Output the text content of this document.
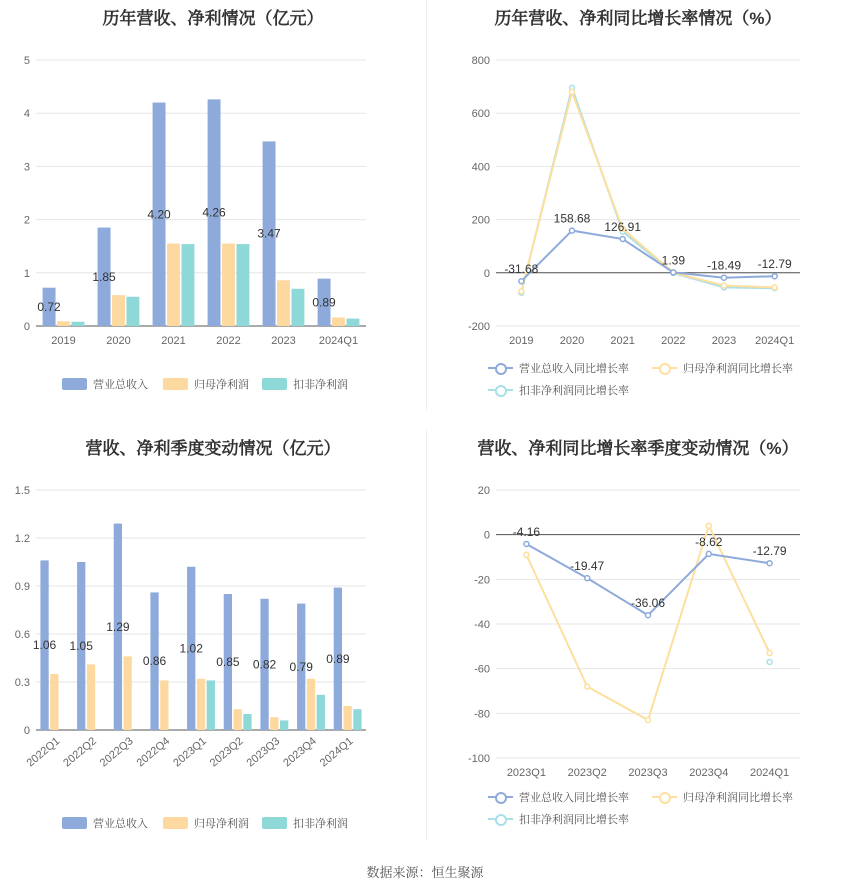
历年营收、净利情况（亿元）
0
1
2
3
4
5
2019	2020	2021	2022	2023 2024Q1
0.72
1.85
4.20	4.26
3.47
0.89
营业总收入	归母净利润	扣非净利润
历年营收、净利同比增长率情况（%）
-200
0
200
400
600
800
2019 2020 2021 2022 2023 2024Q1
-31.68
158.68
126.91
1.39 -18.49 -12.79
营业总收入同比增长率	归母净利润同比增长率
扣非净利润同比增长率
营收、净利季度变动情况（亿元）
0
0.3
0.6
0.9
1.2
1.5
2022Q1
2022Q2
2022Q3
2022Q4
2023Q1
2023Q2
2023Q3
2023Q4
2024Q1
1.06 1.05
1.29
0.86
1.02
0.85 0.82 0.79
0.89
营业总收入	归母净利润	扣非净利润
营收、净利同比增长率季度变动情况（%）
-100
-80
-60
-40
-20
0
20
2023Q1 2023Q2 2023Q3 2023Q4 2024Q1
-4.16
-19.47
-36.06
-8.62
-12.79
营业总收入同比增长率	归母净利润同比增长率
扣非净利润同比增长率
数据来源：恒生聚源
